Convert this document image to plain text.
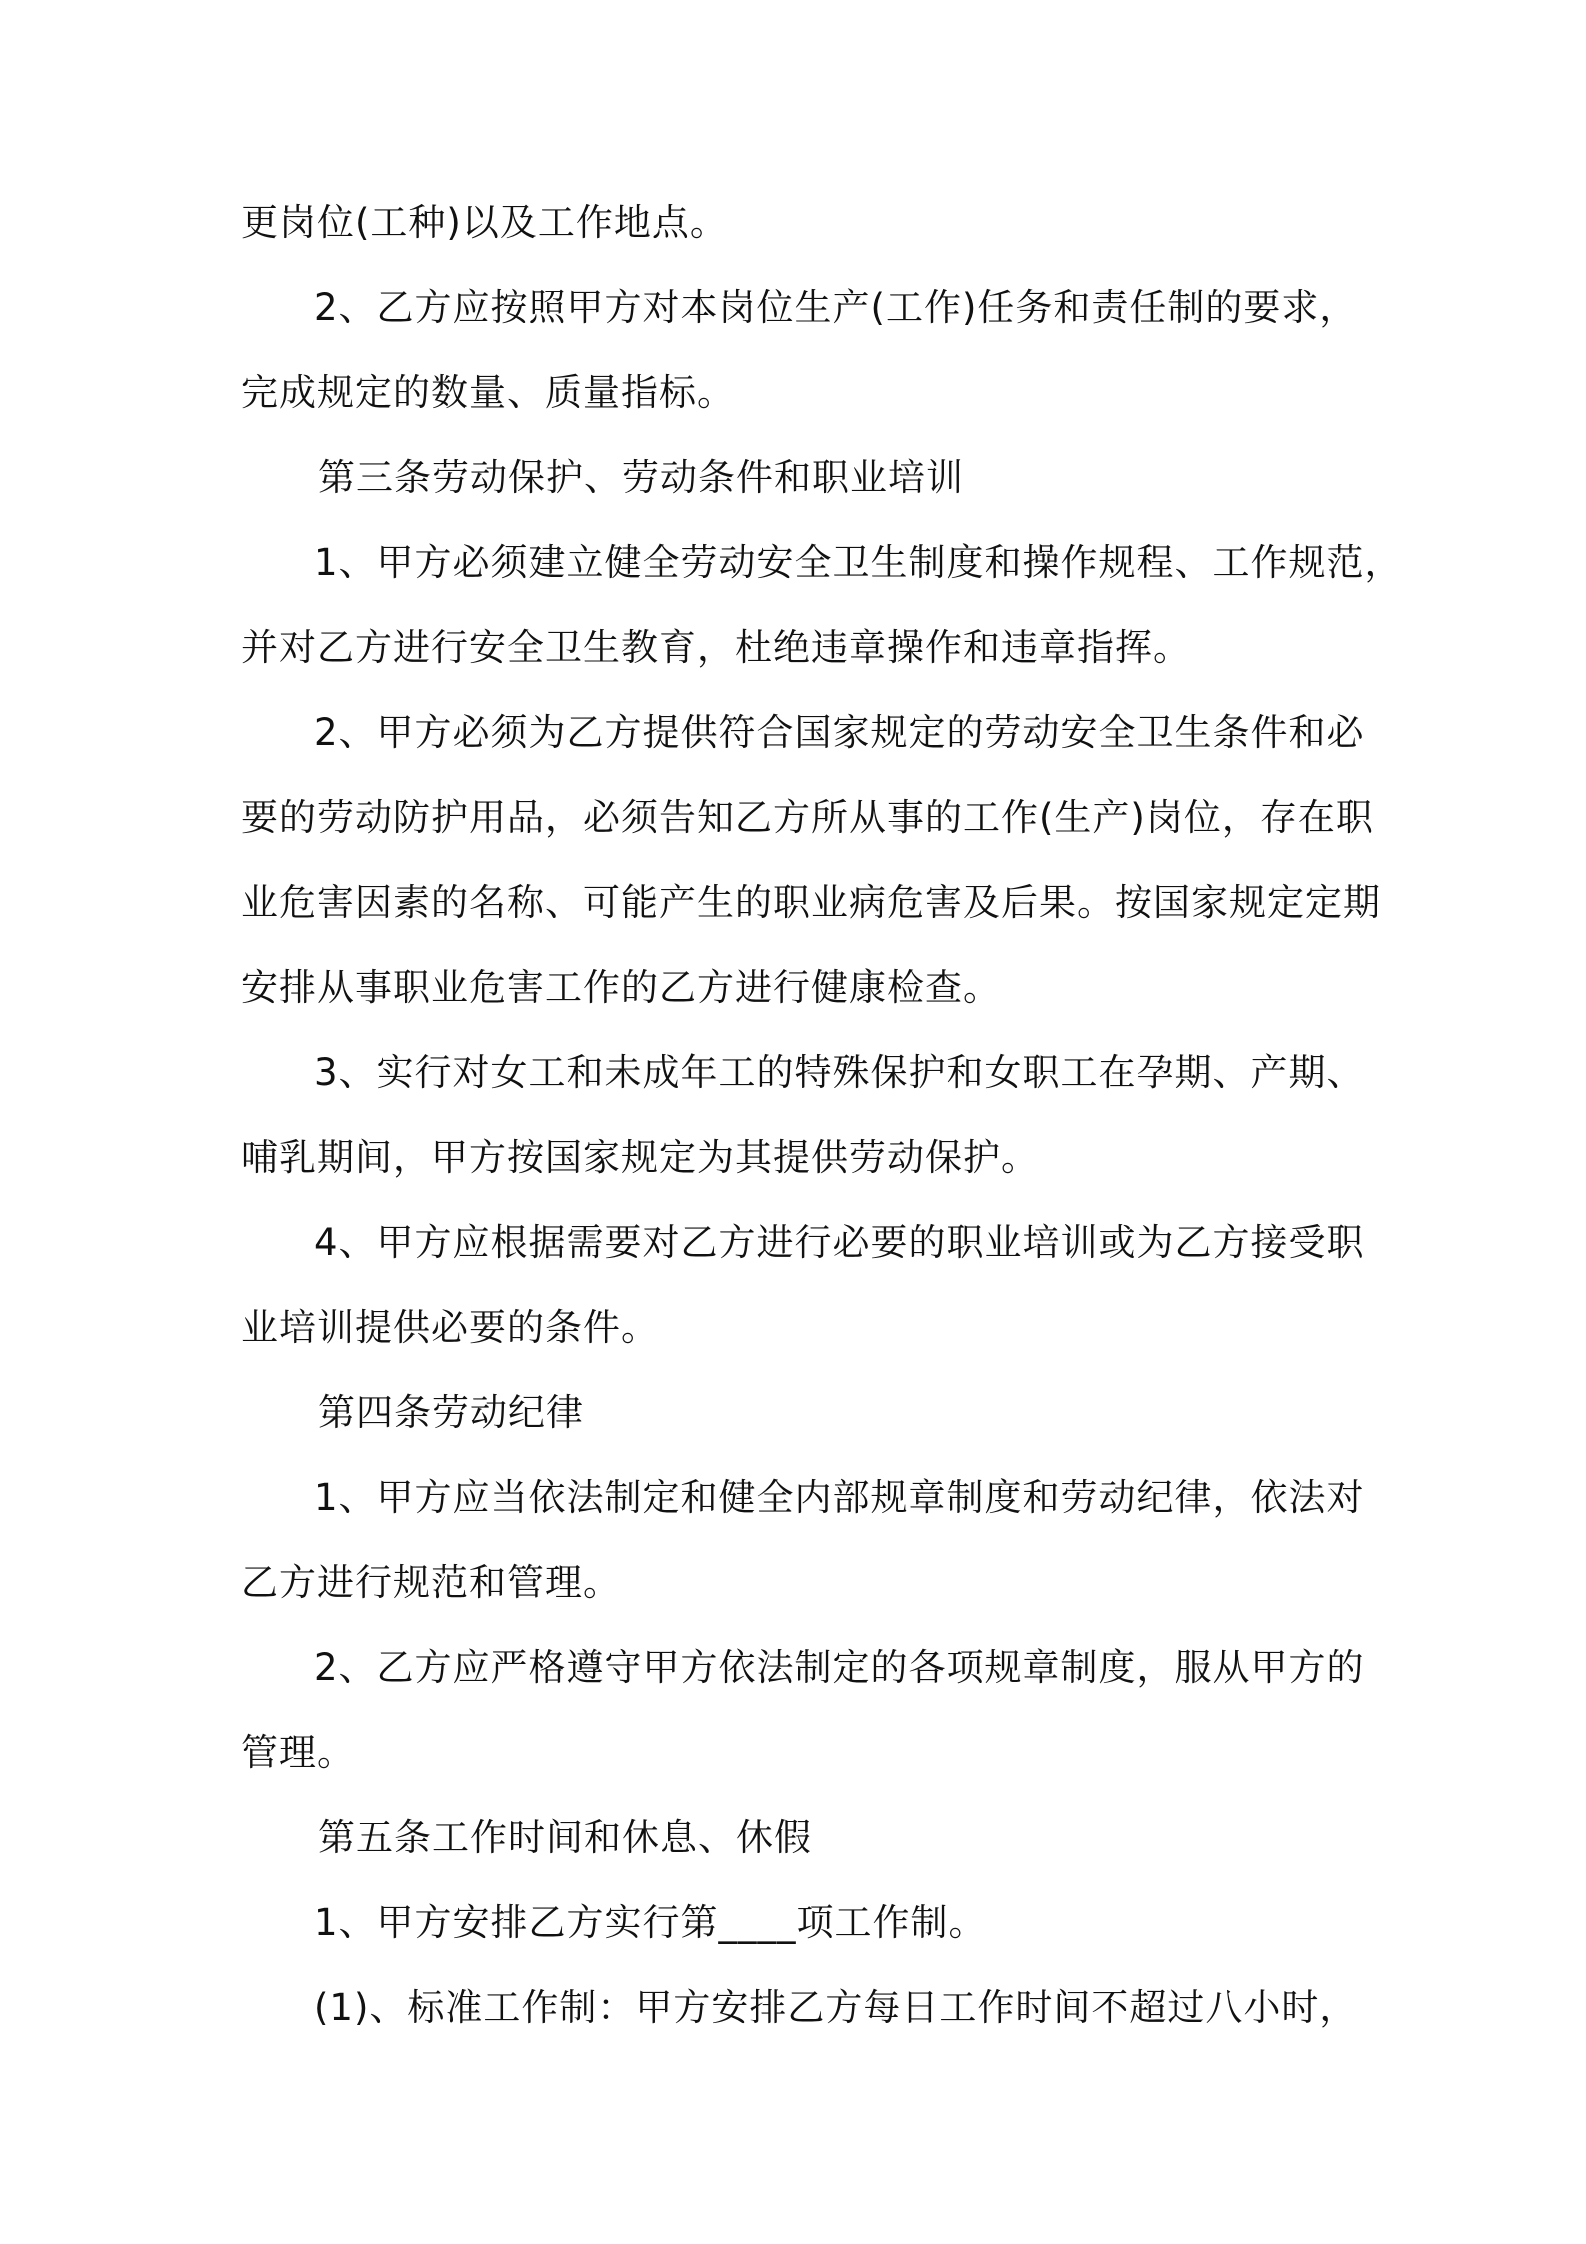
更岗位(工种)以及工作地点。
2、乙方应按照甲方对本岗位生产(工作)任务和责任制的要求，
完成规定的数量、质量指标。
第三条劳动保护、劳动条件和职业培训
1、甲方必须建立健全劳动安全卫生制度和操作规程、工作规范，
并对乙方进行安全卫生教育，杜绝违章操作和违章指挥。
2、甲方必须为乙方提供符合国家规定的劳动安全卫生条件和必
要的劳动防护用品，必须告知乙方所从事的工作(生产)岗位，存在职
业危害因素的名称、可能产生的职业病危害及后果。按国家规定定期
安排从事职业危害工作的乙方进行健康检查。
3、实行对女工和未成年工的特殊保护和女职工在孕期、产期、
哺乳期间，甲方按国家规定为其提供劳动保护。
4、甲方应根据需要对乙方进行必要的职业培训或为乙方接受职
业培训提供必要的条件。
第四条劳动纪律
1、甲方应当依法制定和健全内部规章制度和劳动纪律，依法对
乙方进行规范和管理。
2、乙方应严格遵守甲方依法制定的各项规章制度，服从甲方的
管理。
第五条工作时间和休息、休假
1、甲方安排乙方实行第____项工作制。
(1)、标准工作制：甲方安排乙方每日工作时间不超过八小时，
